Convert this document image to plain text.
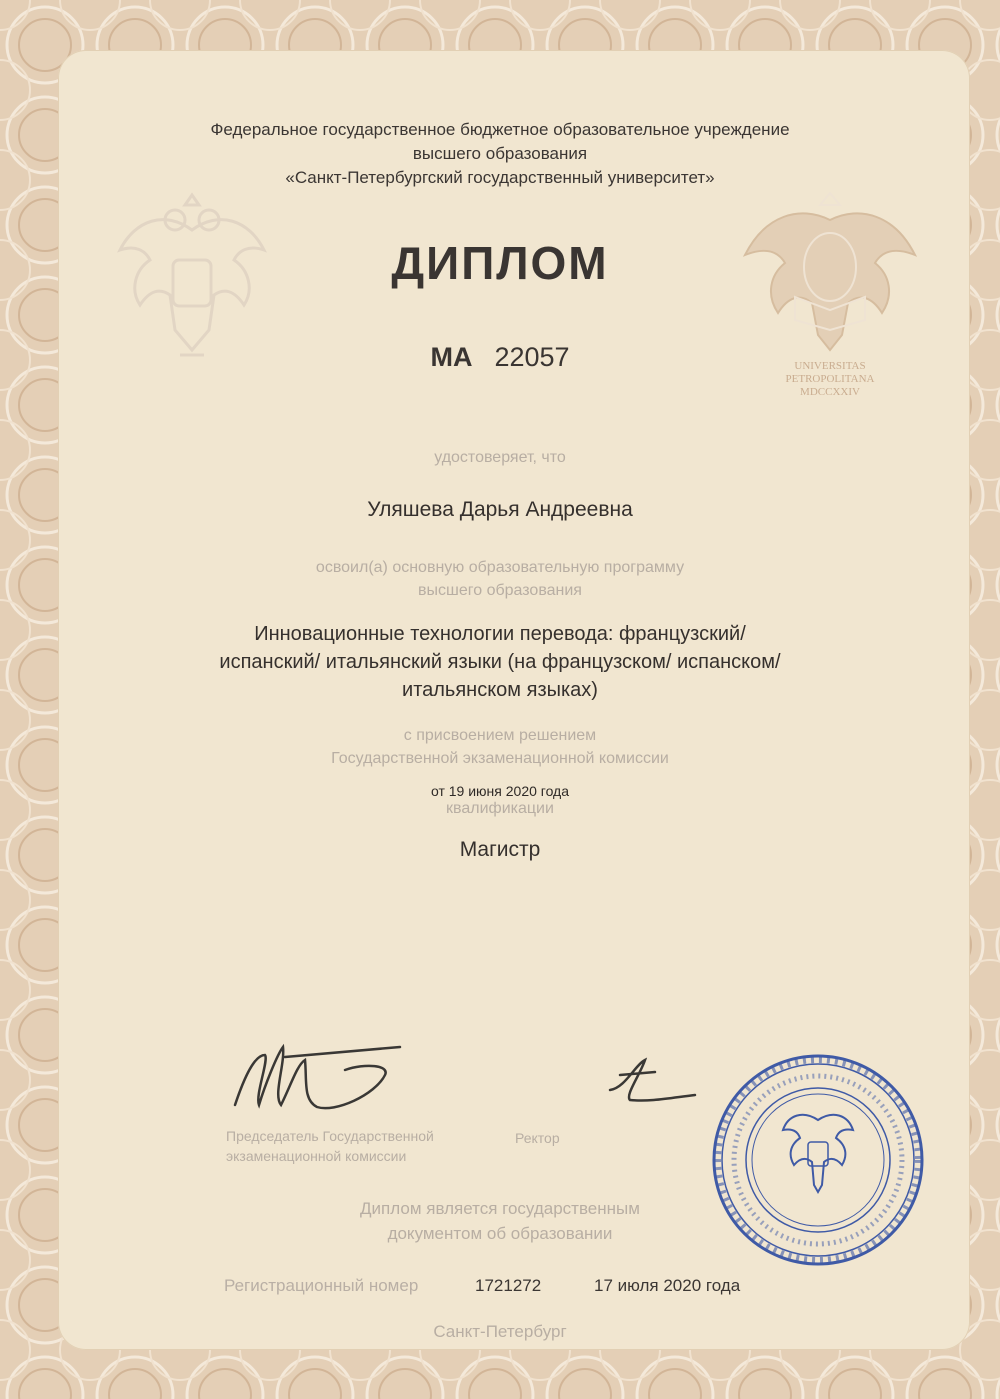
UNIVERSITAS
PETROPOLITANA
MDCCXXIV
Федеральное государственное бюджетное образовательное учреждение
высшего образования
«Санкт-Петербургский государственный университет»
ДИПЛОМ
МА 22057
удостоверяет, что
Уляшева Дарья Андреевна
освоил(а) основную образовательную программу
высшего образования
Инновационные технологии перевода: французский/
испанский/ итальянский языки (на французском/ испанском/
итальянском языках)
с присвоением решением
Государственной экзаменационной комиссии
от 19 июня 2020 года
квалификации
Магистр
Председатель Государственной
экзаменационной комиссии
Ректор
Диплом является государственным
документом об образовании
Регистрационный номер	1721272	17 июля 2020 года
Санкт-Петербург
